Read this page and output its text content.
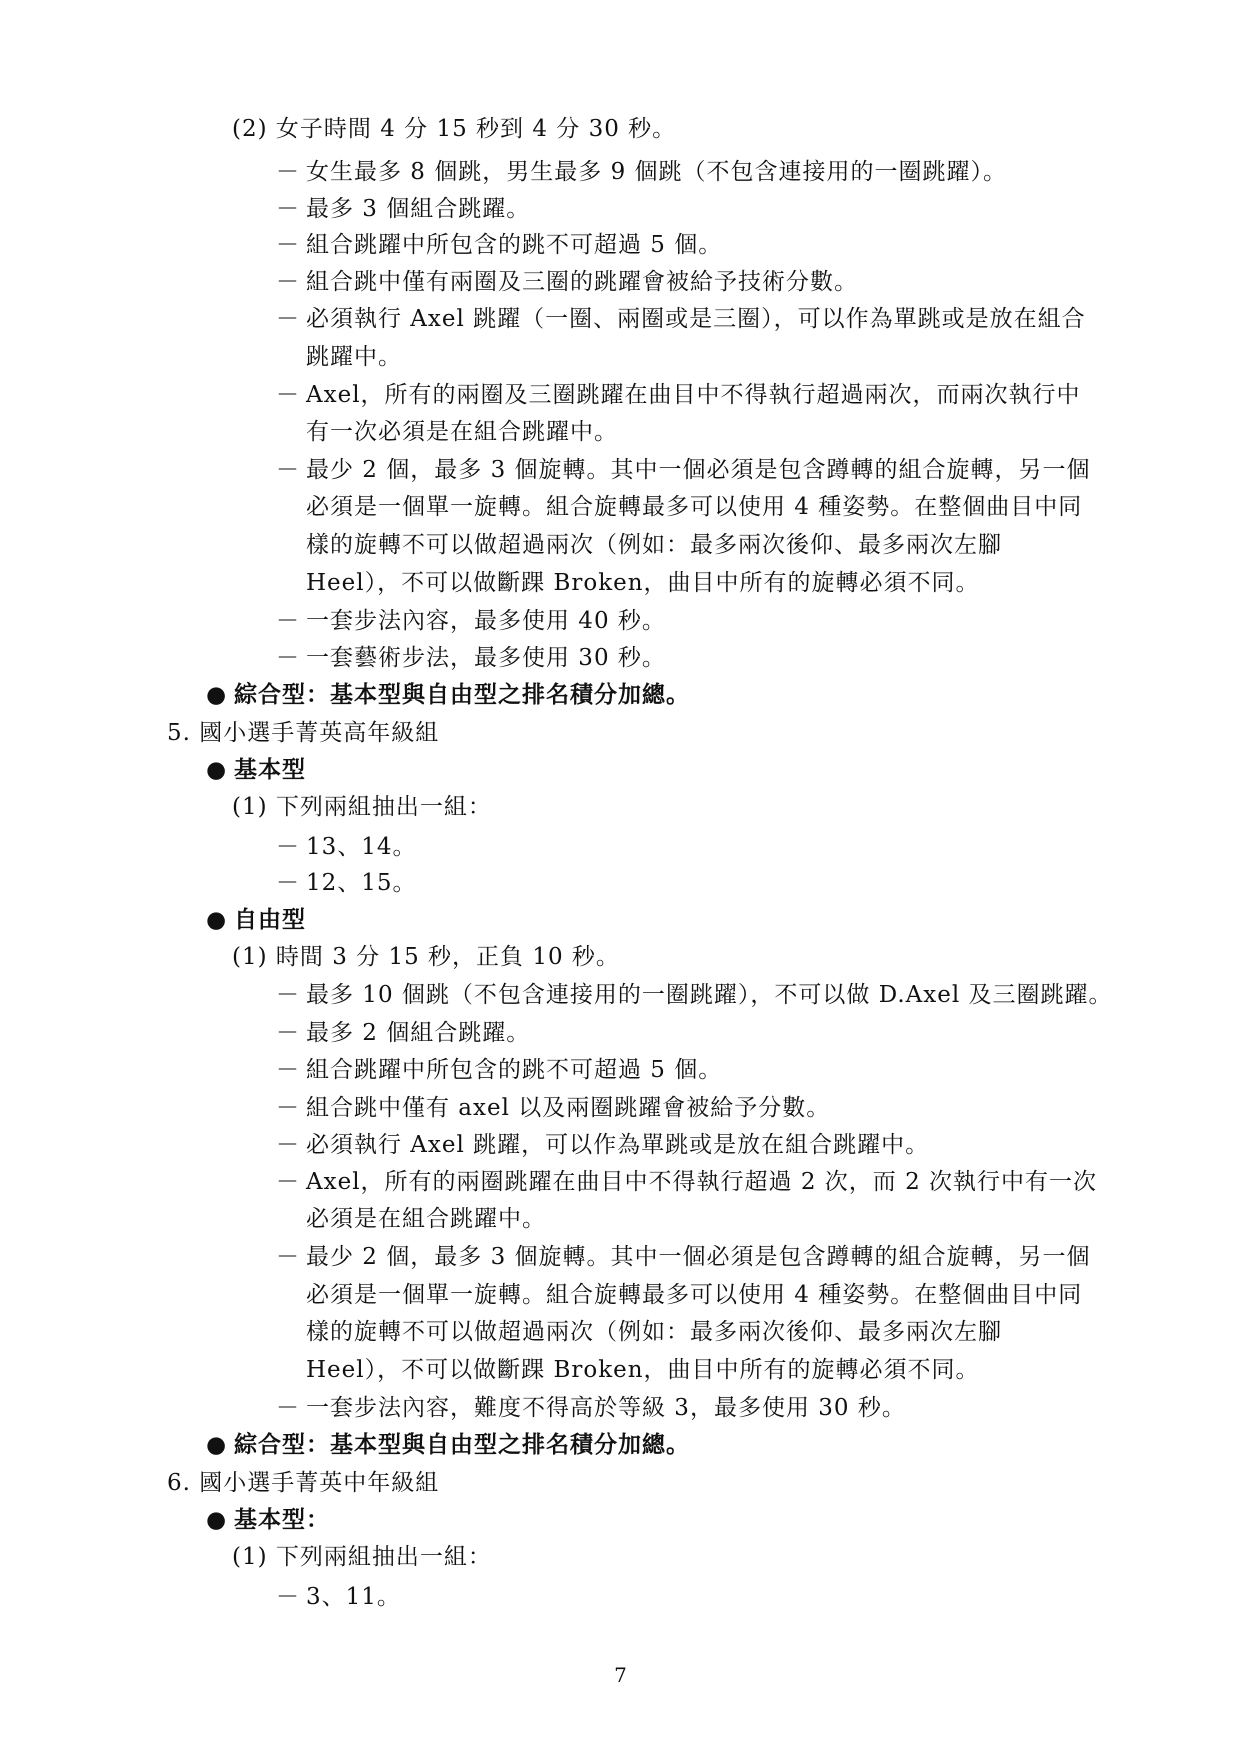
(2) 女子時間 4 分 15 秒到 4 分 30 秒。
－ 女生最多 8 個跳，男生最多 9 個跳（不包含連接用的一圈跳躍）。
－ 最多 3 個組合跳躍。
－ 組合跳躍中所包含的跳不可超過 5 個。
－ 組合跳中僅有兩圈及三圈的跳躍會被給予技術分數。
－ 必須執行 Axel 跳躍（一圈、兩圈或是三圈），可以作為單跳或是放在組合
跳躍中。
－ Axel，所有的兩圈及三圈跳躍在曲目中不得執行超過兩次，而兩次執行中
有一次必須是在組合跳躍中。
－ 最少 2 個，最多 3 個旋轉。其中一個必須是包含蹲轉的組合旋轉，另一個
必須是一個單一旋轉。組合旋轉最多可以使用 4 種姿勢。在整個曲目中同
樣的旋轉不可以做超過兩次（例如：最多兩次後仰、最多兩次左腳
Heel），不可以做斷踝 Broken，曲目中所有的旋轉必須不同。
－ 一套步法內容，最多使用 40 秒。
－ 一套藝術步法，最多使用 30 秒。
● 綜合型：基本型與自由型之排名積分加總。
5. 國小選手菁英高年級組
● 基本型
(1) 下列兩組抽出一組：
－ 13、14。
－ 12、15。
● 自由型
(1) 時間 3 分 15 秒，正負 10 秒。
－ 最多 10 個跳（不包含連接用的一圈跳躍），不可以做 D.Axel 及三圈跳躍。
－ 最多 2 個組合跳躍。
－ 組合跳躍中所包含的跳不可超過 5 個。
－ 組合跳中僅有 axel 以及兩圈跳躍會被給予分數。
－ 必須執行 Axel 跳躍，可以作為單跳或是放在組合跳躍中。
－ Axel，所有的兩圈跳躍在曲目中不得執行超過 2 次，而 2 次執行中有一次
必須是在組合跳躍中。
－ 最少 2 個，最多 3 個旋轉。其中一個必須是包含蹲轉的組合旋轉，另一個
必須是一個單一旋轉。組合旋轉最多可以使用 4 種姿勢。在整個曲目中同
樣的旋轉不可以做超過兩次（例如：最多兩次後仰、最多兩次左腳
Heel），不可以做斷踝 Broken，曲目中所有的旋轉必須不同。
－ 一套步法內容，難度不得高於等級 3，最多使用 30 秒。
● 綜合型：基本型與自由型之排名積分加總。
6. 國小選手菁英中年級組
● 基本型：
(1) 下列兩組抽出一組：
－ 3、11。
7
